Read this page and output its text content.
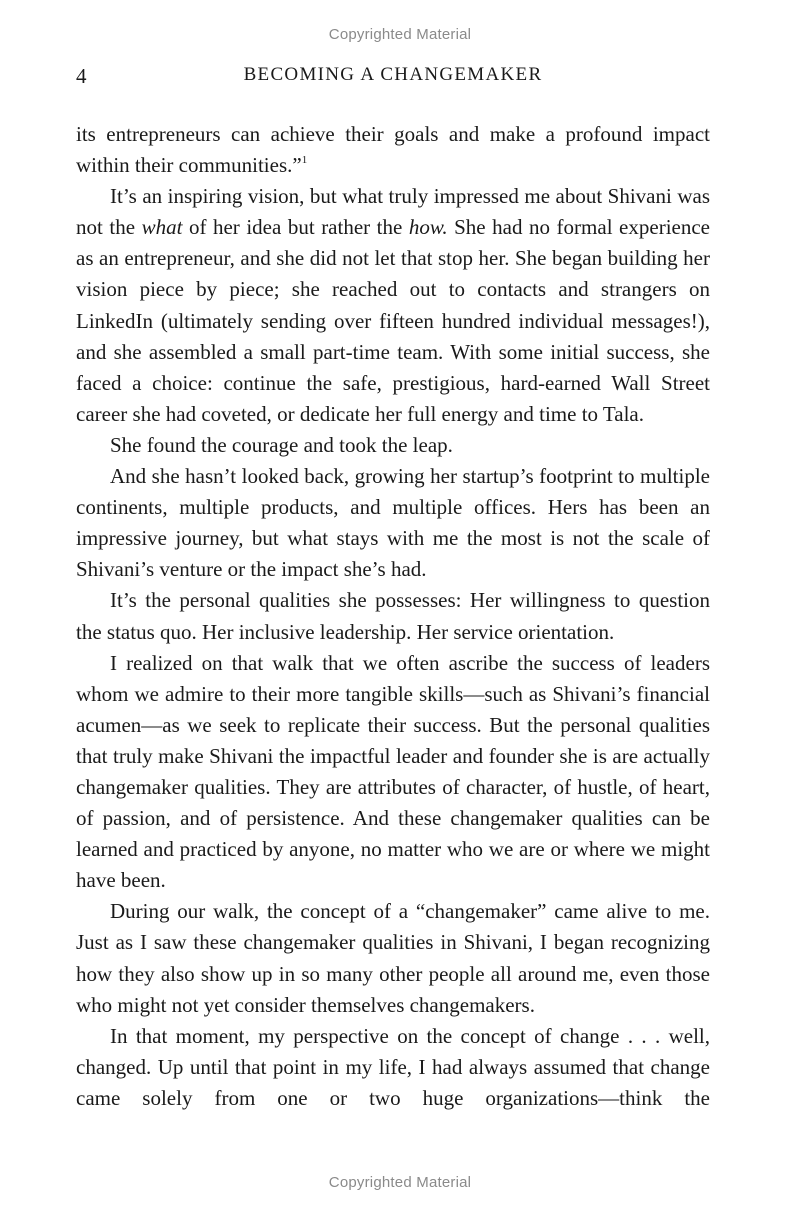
Copyrighted Material
4	BECOMING A CHANGEMAKER

its entrepreneurs can achieve their goals and make a profound impact within their communities.”$^1$

It’s an inspiring vision, but what truly impressed me about Shivani was not the what of her idea but rather the how. She had no formal experience as an entrepreneur, and she did not let that stop her. She began building her vision piece by piece; she reached out to contacts and strangers on LinkedIn (ultimately sending over fifteen hundred individual messages!), and she assembled a small part-time team. With some initial success, she faced a choice: continue the safe, prestigious, hard-earned Wall Street career she had coveted, or dedicate her full energy and time to Tala.

She found the courage and took the leap.

And she hasn’t looked back, growing her startup’s footprint to multiple continents, multiple products, and multiple offices. Hers has been an impressive journey, but what stays with me the most is not the scale of Shivani’s venture or the impact she’s had.

It’s the personal qualities she possesses: Her willingness to question the status quo. Her inclusive leadership. Her service orientation.

I realized on that walk that we often ascribe the success of leaders whom we admire to their more tangible skills—such as Shivani’s financial acumen—as we seek to replicate their success. But the personal qualities that truly make Shivani the impactful leader and founder she is are actually changemaker qualities. They are attributes of character, of hustle, of heart, of passion, and of persistence. And these changemaker qualities can be learned and practiced by anyone, no matter who we are or where we might have been.

During our walk, the concept of a “changemaker” came alive to me. Just as I saw these changemaker qualities in Shivani, I began recognizing how they also show up in so many other people all around me, even those who might not yet consider themselves changemakers.

In that moment, my perspective on the concept of change . . . well, changed. Up until that point in my life, I had always assumed that change came solely from one or two huge organizations—think the

Copyrighted Material
